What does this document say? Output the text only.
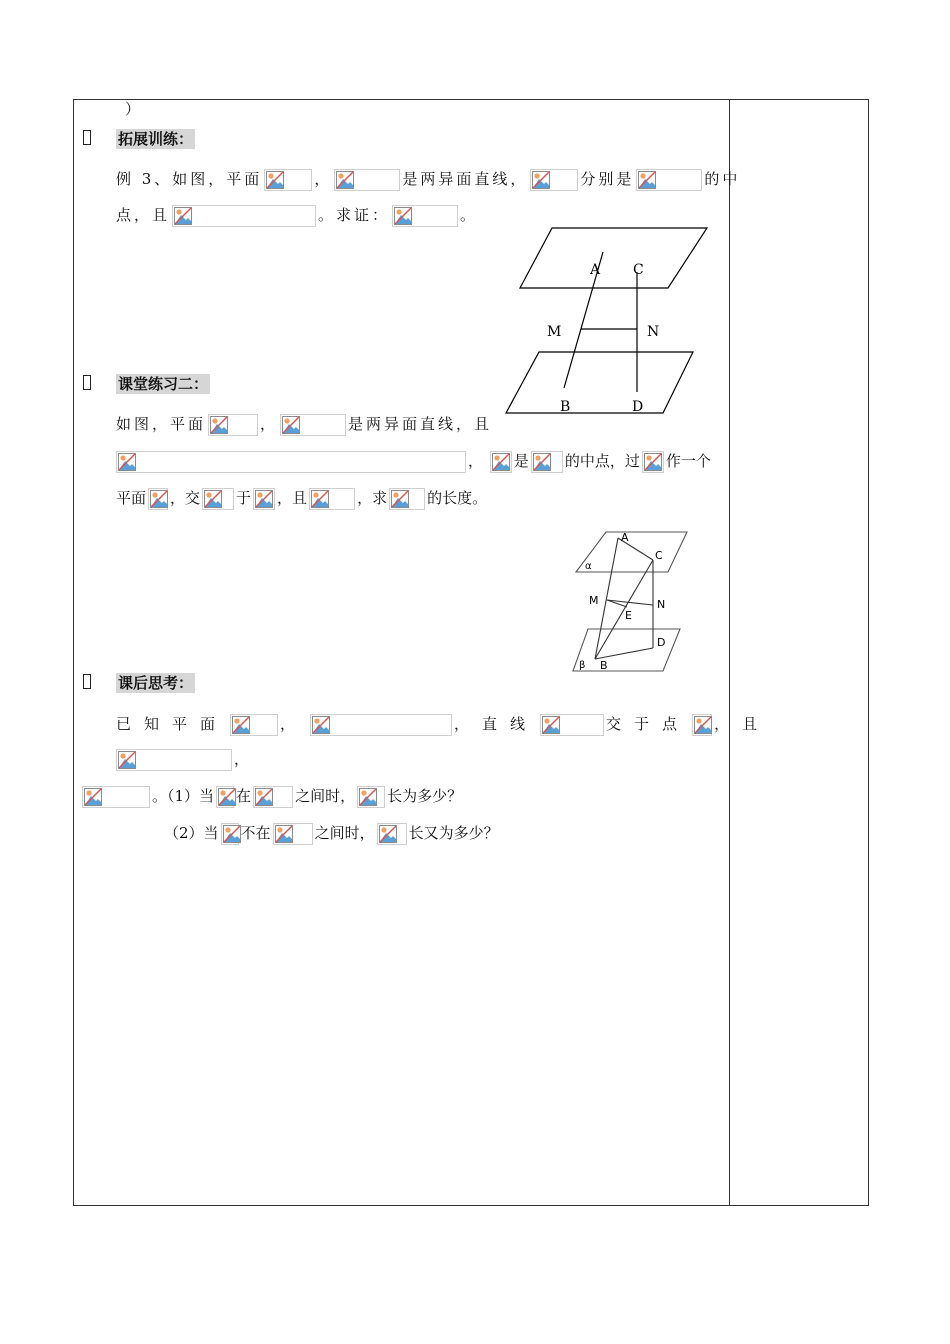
）
拓展训练：
例 3、如图，平面	，	是两异面直线，	分别是	的中
点，且	。求证：	。
A C
M	N
B	D
课堂练习二：
如图，平面	，	是两异面直线，且
， 是 的中点，过 作一个
平面 ，交 于 ，且	，求	的长度。
A
C
α
M	N
E
D
β B
课后思考：
已知平面	，	，直线	交于点 ，且
，
。（1）当 在	之间时， 长为多少？
（2）当 不在	之间时， 长又为多少？
